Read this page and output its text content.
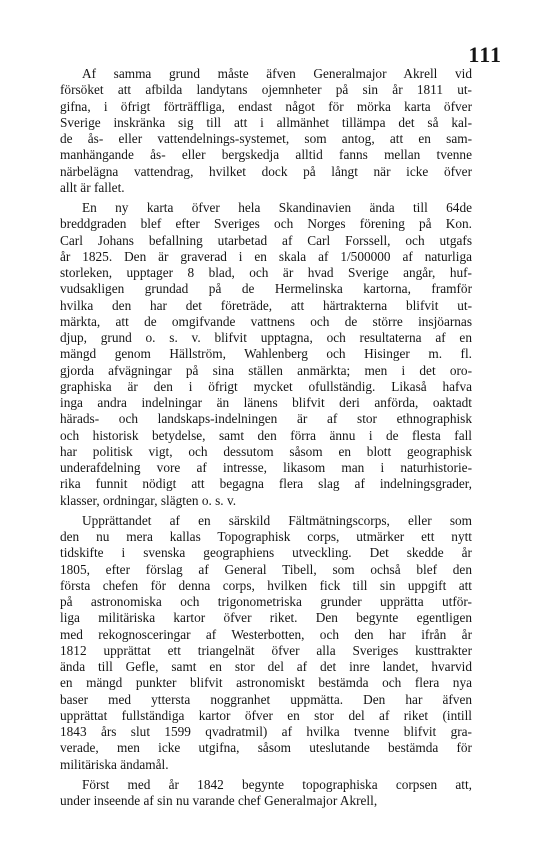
111
Af samma grund måste äfven Generalmajor Akrell vid
försöket att afbilda landytans ojemnheter på sin år 1811 ut-
gifna, i öfrigt förträffliga, endast något för mörka karta öfver
Sverige inskränka sig till att i allmänhet tillämpa det så kal-
de ås- eller vattendelnings-systemet, som antog, att en sam-
manhängande ås- eller bergskedja alltid fanns mellan tvenne
närbelägna vattendrag, hvilket dock på långt när icke öfver
allt är fallet.
En ny karta öfver hela Skandinavien ända till 64de
breddgraden blef efter Sveriges och Norges förening på Kon.
Carl Johans befallning utarbetad af Carl Forssell, och utgafs
år 1825. Den är graverad i en skala af 1/500000 af naturliga
storleken, upptager 8 blad, och är hvad Sverige angår, huf-
vudsakligen grundad på de Hermelinska kartorna, framför
hvilka den har det företräde, att härtrakterna blifvit ut-
märkta, att de omgifvande vattnens och de större insjöarnas
djup, grund o. s. v. blifvit upptagna, och resultaterna af en
mängd genom Hällström, Wahlenberg och Hisinger m. fl.
gjorda afvägningar på sina ställen anmärkta; men i det oro-
graphiska är den i öfrigt mycket ofullständig. Likaså hafva
inga andra indelningar än länens blifvit deri anförda, oaktadt
härads- och landskaps-indelningen är af stor ethnographisk
och historisk betydelse, samt den förra ännu i de flesta fall
har politisk vigt, och dessutom såsom en blott geographisk
underafdelning vore af intresse, likasom man i naturhistorie-
rika funnit nödigt att begagna flera slag af indelningsgrader,
klasser, ordningar, slägten o. s. v.
Upprättandet af en särskild Fältmätningscorps, eller som
den nu mera kallas Topographisk corps, utmärker ett nytt
tidskifte i svenska geographiens utveckling. Det skedde år
1805, efter förslag af General Tibell, som ochså blef den
första chefen för denna corps, hvilken fick till sin uppgift att
på astronomiska och trigonometriska grunder upprätta utför-
liga militäriska kartor öfver riket. Den begynte egentligen
med rekognosceringar af Westerbotten, och den har ifrån år
1812 upprättat ett triangelnät öfver alla Sveriges kusttrakter
ända till Gefle, samt en stor del af det inre landet, hvarvid
en mängd punkter blifvit astronomiskt bestämda och flera nya
baser med yttersta noggranhet uppmätta. Den har äfven
upprättat fullständiga kartor öfver en stor del af riket (intill
1843 års slut 1599 qvadratmil) af hvilka tvenne blifvit gra-
verade, men icke utgifna, såsom uteslutande bestämda för
militäriska ändamål.
Först med år 1842 begynte topographiska corpsen att,
under inseende af sin nu varande chef Generalmajor Akrell,
